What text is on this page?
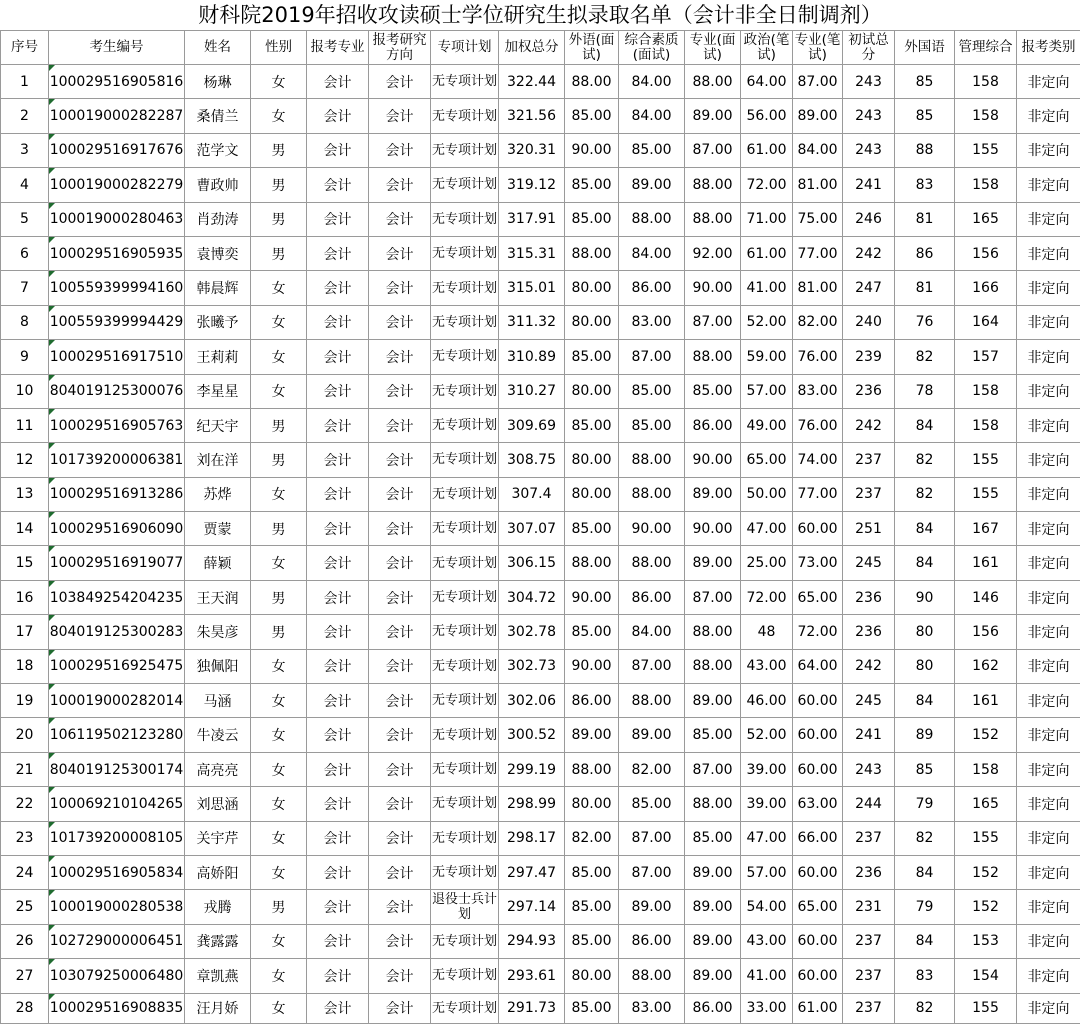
财科院2019年招收攻读硕士学位研究生拟录取名单（会计非全日制调剂）
序号	考生编号	姓名	性别	报考专业	报考研究方向	专项计划	加权总分	外语(面试)	综合素质(面试)	专业(面试)	政治(笔试)	专业(笔试)	初试总分	外国语	管理综合	报考类别
1	100029516905816	杨琳	女	会计	会计	无专项计划	322.44	88.00	84.00	88.00	64.00	87.00	243	85	158	非定向
2	100019000282287	桑倩兰	女	会计	会计	无专项计划	321.56	85.00	84.00	89.00	56.00	89.00	243	85	158	非定向
3	100029516917676	范学文	男	会计	会计	无专项计划	320.31	90.00	85.00	87.00	61.00	84.00	243	88	155	非定向
4	100019000282279	曹政帅	男	会计	会计	无专项计划	319.12	85.00	89.00	88.00	72.00	81.00	241	83	158	非定向
5	100019000280463	肖劲涛	男	会计	会计	无专项计划	317.91	85.00	88.00	88.00	71.00	75.00	246	81	165	非定向
6	100029516905935	袁博奕	男	会计	会计	无专项计划	315.31	88.00	84.00	92.00	61.00	77.00	242	86	156	非定向
7	100559399994160	韩晨辉	女	会计	会计	无专项计划	315.01	80.00	86.00	90.00	41.00	81.00	247	81	166	非定向
8	100559399994429	张曦予	女	会计	会计	无专项计划	311.32	80.00	83.00	87.00	52.00	82.00	240	76	164	非定向
9	100029516917510	王莉莉	女	会计	会计	无专项计划	310.89	85.00	87.00	88.00	59.00	76.00	239	82	157	非定向
10	804019125300076	李星星	女	会计	会计	无专项计划	310.27	80.00	85.00	85.00	57.00	83.00	236	78	158	非定向
11	100029516905763	纪天宇	男	会计	会计	无专项计划	309.69	85.00	85.00	86.00	49.00	76.00	242	84	158	非定向
12	101739200006381	刘在洋	男	会计	会计	无专项计划	308.75	80.00	88.00	90.00	65.00	74.00	237	82	155	非定向
13	100029516913286	苏烨	女	会计	会计	无专项计划	307.4	80.00	88.00	89.00	50.00	77.00	237	82	155	非定向
14	100029516906090	贾蒙	男	会计	会计	无专项计划	307.07	85.00	90.00	90.00	47.00	60.00	251	84	167	非定向
15	100029516919077	薛颖	女	会计	会计	无专项计划	306.15	88.00	88.00	89.00	25.00	73.00	245	84	161	非定向
16	103849254204235	王天润	男	会计	会计	无专项计划	304.72	90.00	86.00	87.00	72.00	65.00	236	90	146	非定向
17	804019125300283	朱昊彦	男	会计	会计	无专项计划	302.78	85.00	84.00	88.00	48	72.00	236	80	156	非定向
18	100029516925475	独佩阳	女	会计	会计	无专项计划	302.73	90.00	87.00	88.00	43.00	64.00	242	80	162	非定向
19	100019000282014	马涵	女	会计	会计	无专项计划	302.06	86.00	88.00	89.00	46.00	60.00	245	84	161	非定向
20	106119502123280	牛凌云	女	会计	会计	无专项计划	300.52	89.00	89.00	85.00	52.00	60.00	241	89	152	非定向
21	804019125300174	高亮亮	女	会计	会计	无专项计划	299.19	88.00	82.00	87.00	39.00	60.00	243	85	158	非定向
22	100069210104265	刘思涵	女	会计	会计	无专项计划	298.99	80.00	85.00	88.00	39.00	63.00	244	79	165	非定向
23	101739200008105	关宇芹	女	会计	会计	无专项计划	298.17	82.00	87.00	85.00	47.00	66.00	237	82	155	非定向
24	100029516905834	高娇阳	女	会计	会计	无专项计划	297.47	85.00	87.00	89.00	57.00	60.00	236	84	152	非定向
25	100019000280538	戎腾	男	会计	会计	退役士兵计划	297.14	85.00	89.00	89.00	54.00	65.00	231	79	152	非定向
26	102729000006451	龚露露	女	会计	会计	无专项计划	294.93	85.00	86.00	89.00	43.00	60.00	237	84	153	非定向
27	103079250006480	章凯燕	女	会计	会计	无专项计划	293.61	80.00	88.00	89.00	41.00	60.00	237	83	154	非定向
28	100029516908835	汪月娇	女	会计	会计	无专项计划	291.73	85.00	83.00	86.00	33.00	61.00	237	82	155	非定向
